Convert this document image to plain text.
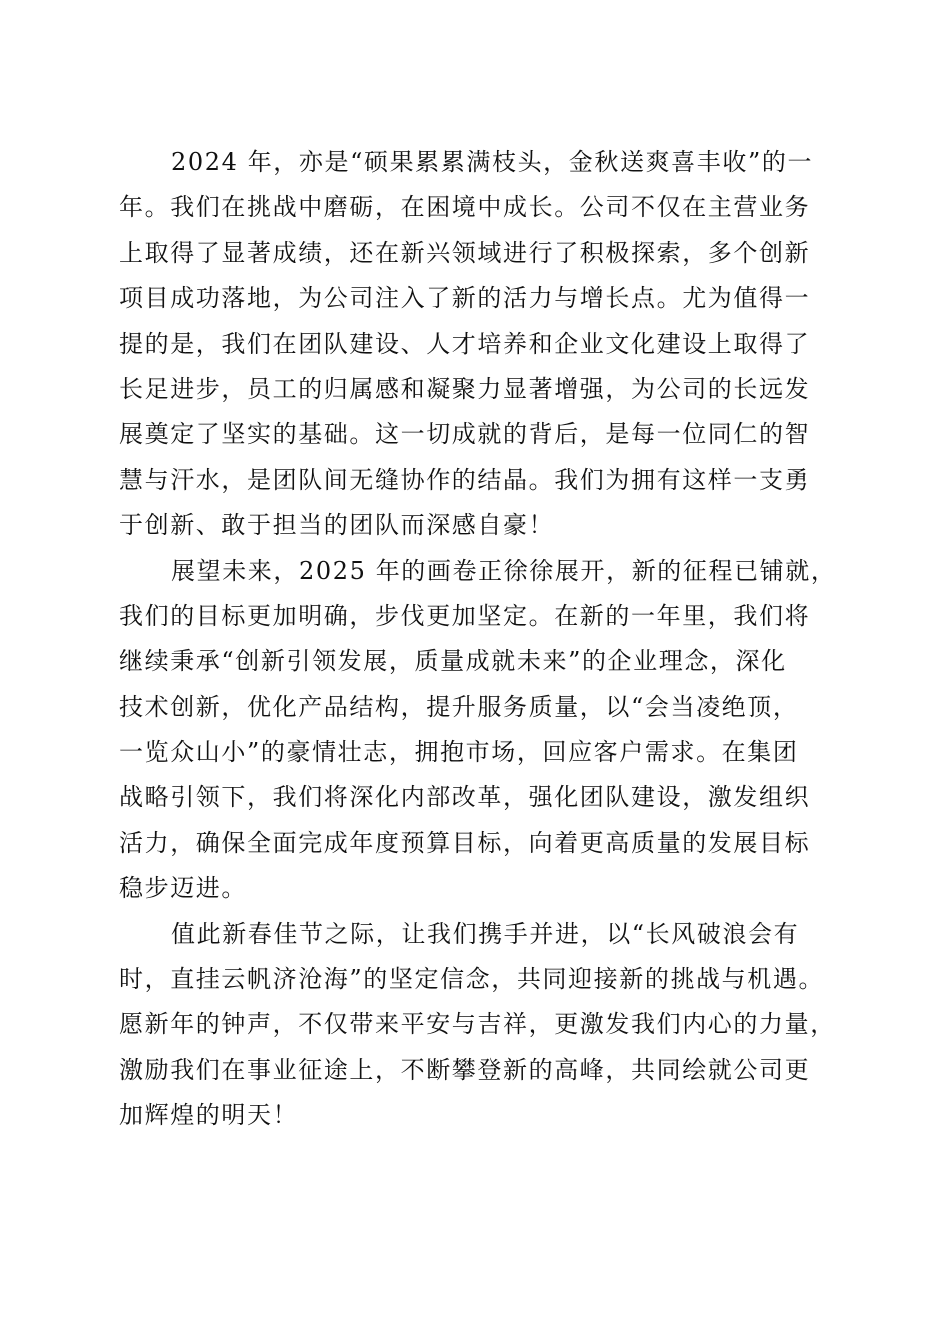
2024 年，亦是“硕果累累满枝头，金秋送爽喜丰收”的一
年。我们在挑战中磨砺，在困境中成长。公司不仅在主营业务
上取得了显著成绩，还在新兴领域进行了积极探索，多个创新
项目成功落地，为公司注入了新的活力与增长点。尤为值得一
提的是，我们在团队建设、人才培养和企业文化建设上取得了
长足进步，员工的归属感和凝聚力显著增强，为公司的长远发
展奠定了坚实的基础。这一切成就的背后，是每一位同仁的智
慧与汗水，是团队间无缝协作的结晶。我们为拥有这样一支勇
于创新、敢于担当的团队而深感自豪！
展望未来，2025 年的画卷正徐徐展开，新的征程已铺就，
我们的目标更加明确，步伐更加坚定。在新的一年里，我们将
继续秉承“创新引领发展，质量成就未来”的企业理念，深化
技术创新，优化产品结构，提升服务质量，以“会当凌绝顶，
一览众山小”的豪情壮志，拥抱市场，回应客户需求。在集团
战略引领下，我们将深化内部改革，强化团队建设，激发组织
活力，确保全面完成年度预算目标，向着更高质量的发展目标
稳步迈进。
值此新春佳节之际，让我们携手并进，以“长风破浪会有
时，直挂云帆济沧海”的坚定信念，共同迎接新的挑战与机遇。
愿新年的钟声，不仅带来平安与吉祥，更激发我们内心的力量，
激励我们在事业征途上，不断攀登新的高峰，共同绘就公司更
加辉煌的明天！
